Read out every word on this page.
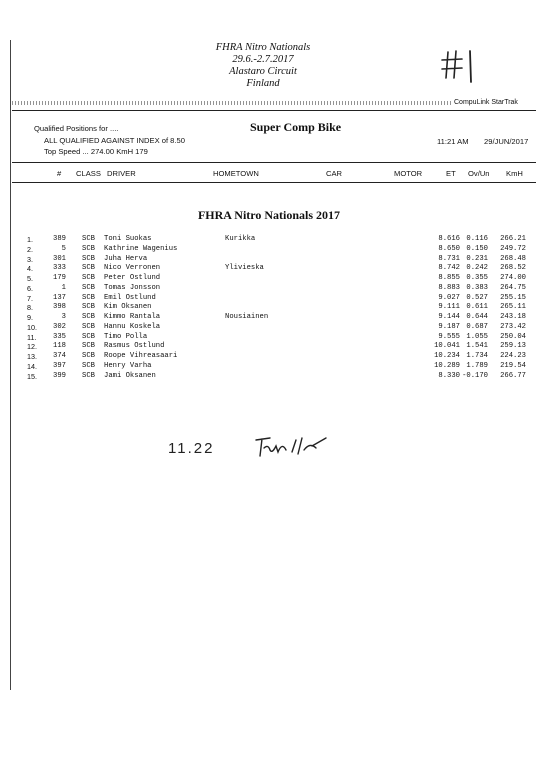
FHRA Nitro Nationals
29.6.-2.7.2017
Alastaro Circuit
Finland
CompuLink StarTrak
Qualified Positions for ....
ALL QUALIFIED AGAINST INDEX of 8.50
Top Speed ... 274.00 KmH 179
Super Comp Bike
11:21 AM 29/JUN/2017
# CLASS DRIVER	HOMETOWN	CAR	MOTOR	ET Ov/Un KmH
FHRA Nitro Nationals 2017
1.	389 SCB Toni Suokas	Kurikka	8.616 0.116	266.21
2.	5 SCB Kathrine Wagenius	8.650 0.150	249.72
3.	301 SCB Juha Herva	8.731 0.231	268.48
4.	333 SCB Nico Verronen	Ylivieska	8.742 0.242	268.52
5.	179 SCB Peter Ostlund	8.855 0.355	274.00
6.	1 SCB Tomas Jonsson	8.883 0.383	264.75
7.	137 SCB Emil Ostlund	9.027 0.527	255.15
8.	398 SCB Kim Oksanen	9.111 0.611	265.11
9.	3 SCB Kimmo Rantala	Nousiainen	9.144 0.644	243.18
10.	302 SCB Hannu Koskela	9.187 0.687	273.42
11.	335 SCB Timo Polla	9.555 1.055	250.04
12.	118 SCB Rasmus Ostlund	10.041 1.541	259.13
13.	374 SCB Roope Vihreasaari	10.234 1.734	224.23
14.	397 SCB Henry Varha	10.289 1.789	219.54
15.	399 SCB Jami Oksanen	8.330 -0.170	266.77
11.22
